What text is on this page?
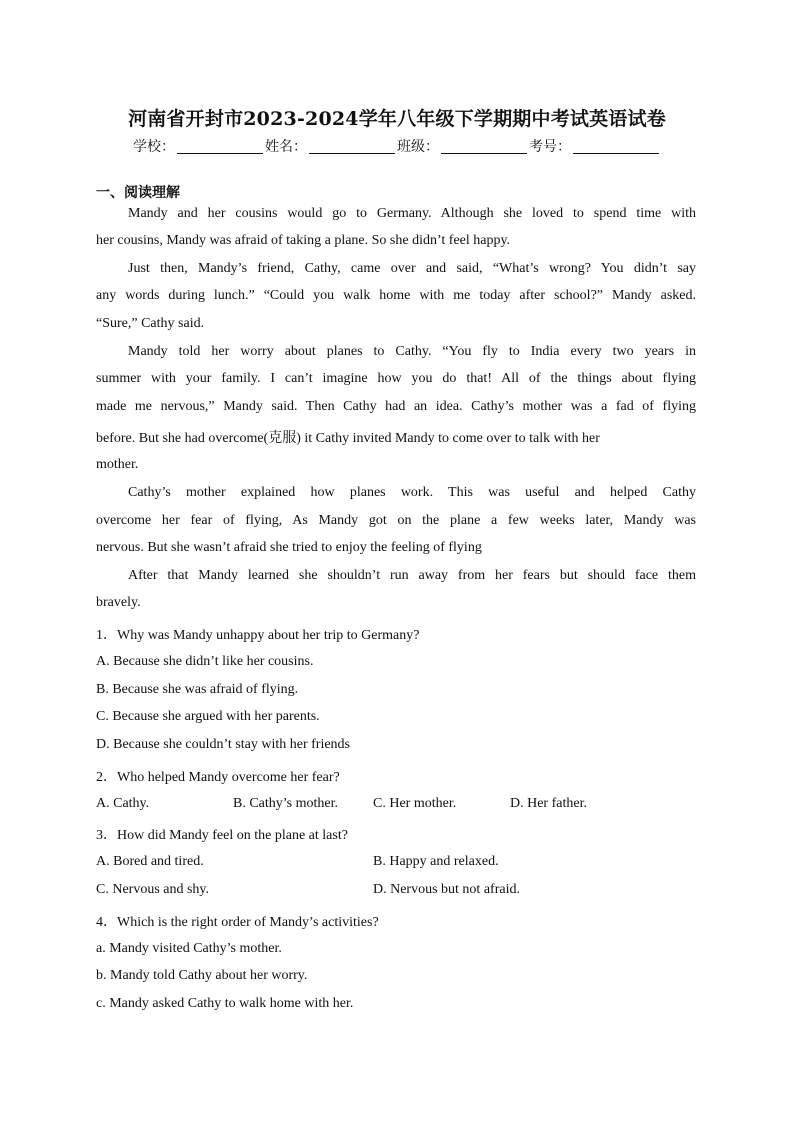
河南省开封市2023-2024学年八年级下学期期中考试英语试卷
学校：	姓名：	班级：	考号：
一、阅读理解
Mandy and her cousins would go to Germany. Although she loved to spend time with
her cousins, Mandy was afraid of taking a plane. So she didn’t feel happy.
Just then, Mandy’s friend, Cathy, came over and said, “What’s wrong? You didn’t say
any words during lunch.” “Could you walk home with me today after school?” Mandy asked.
“Sure,” Cathy said.
Mandy told her worry about planes to Cathy. “You fly to India every two years in
summer with your family. I can’t imagine how you do that! All of the things about flying
made me nervous,” Mandy said. Then Cathy had an idea. Cathy’s mother was a fad of flying
before. But she had overcome(克服) it Cathy invited Mandy to come over to talk with her
mother.
Cathy’s mother explained how planes work. This was useful and helped Cathy
overcome her fear of flying, As Mandy got on the plane a few weeks later, Mandy was
nervous. But she wasn’t afraid she tried to enjoy the feeling of flying
After that Mandy learned she shouldn’t run away from her fears but should face them
bravely.
1．Why was Mandy unhappy about her trip to Germany?
A. Because she didn’t like her cousins.
B. Because she was afraid of flying.
C. Because she argued with her parents.
D. Because she couldn’t stay with her friends
2．Who helped Mandy overcome her fear?
A. Cathy.	B. Cathy’s mother.	C. Her mother.	D. Her father.
3．How did Mandy feel on the plane at last?
A. Bored and tired.	B. Happy and relaxed.
C. Nervous and shy.	D. Nervous but not afraid.
4．Which is the right order of Mandy’s activities?
a. Mandy visited Cathy’s mother.
b. Mandy told Cathy about her worry.
c. Mandy asked Cathy to walk home with her.
